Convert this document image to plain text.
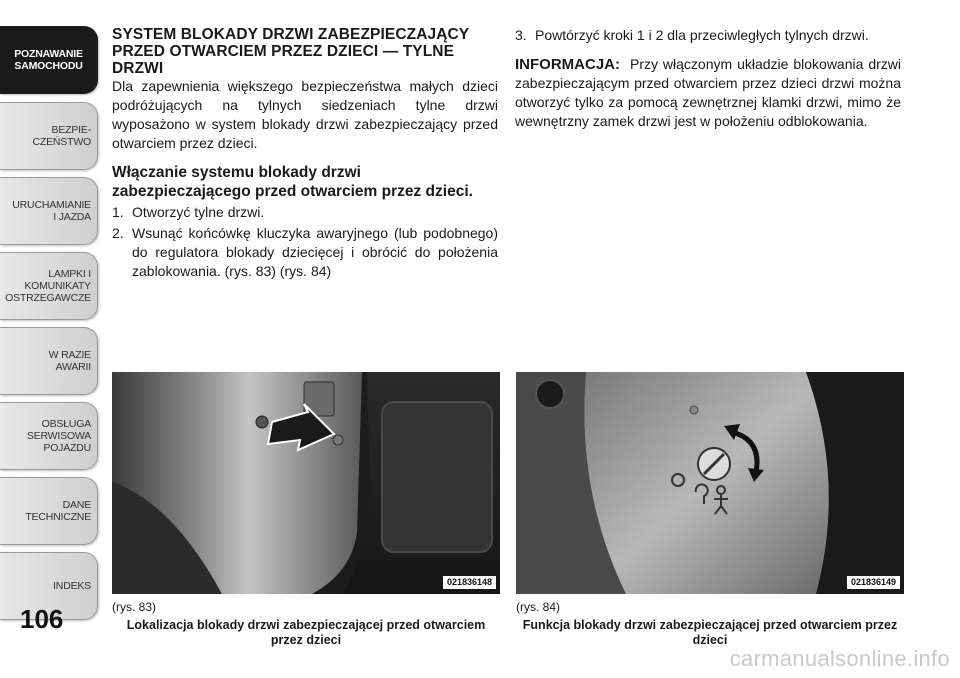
POZNAWANIE
SAMOCHODU
BEZPIE-
CZEŃSTWO
URUCHAMIANIE
I JAZDA
LAMPKI I
KOMUNIKATY
OSTRZEGAWCZE
W RAZIE
AWARII
OBSŁUGA
SERWISOWA
POJAZDU
DANE
TECHNICZNE
INDEKS
106
SYSTEM BLOKADY DRZWI ZABEZPIECZAJĄCY PRZED OTWARCIEM PRZEZ DZIECI — TYLNE DRZWI

Dla zapewnienia większego bezpieczeństwa małych dzieci podróżujących na tylnych siedzeniach tylne drzwi wyposażono w system blokady drzwi zabezpieczający przed otwarciem przez dzieci.

Włączanie systemu blokady drzwi zabezpieczającego przed otwarciem przez dzieci.
1. Otworzyć tylne drzwi.
2. Wsunąć końcówkę kluczyka awaryjnego (lub podobnego) do regulatora blokady dziecięcej i obrócić do położenia zablokowania. (rys. 83) (rys. 84)
3. Powtórzyć kroki 1 i 2 dla przeciwległych tylnych drzwi.

INFORMACJA: Przy włączonym układzie blokowania drzwi zabezpieczającym przed otwarciem przez dzieci drzwi można otworzyć tylko za pomocą zewnętrznej klamki drzwi, mimo że wewnętrzny zamek drzwi jest w położeniu odblokowania.

021836148
(rys. 83)
Lokalizacja blokady drzwi zabezpieczającej przed otwarciem przez dzieci
021836149
(rys. 84)
Funkcja blokady drzwi zabezpieczającej przed otwarciem przez dzieci
carmanualsonline.info
